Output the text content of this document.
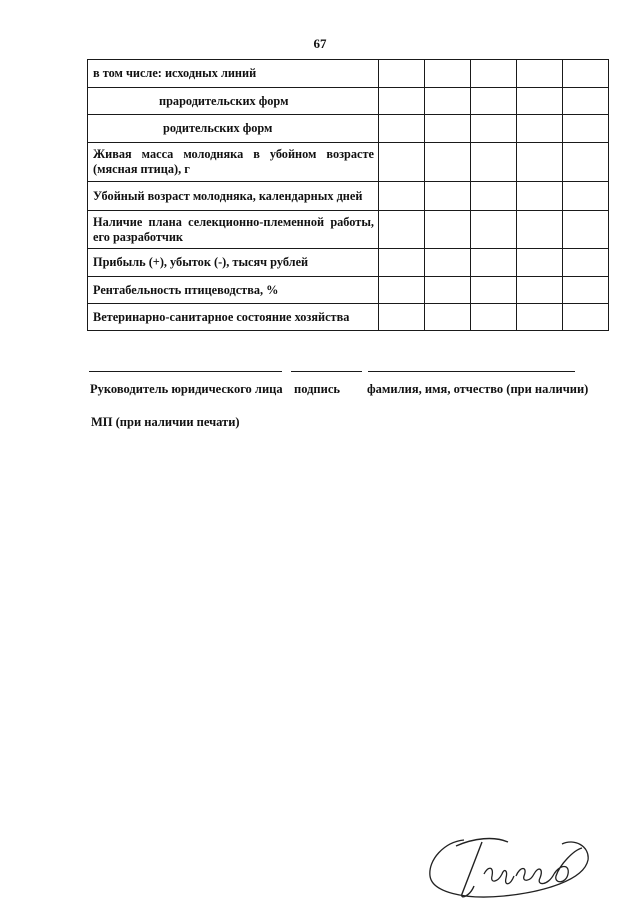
67
в том числе: исходных линий					
прародительских форм					
родительских форм					
Живая масса молодняка в убойном возрасте (мясная птица), г					
Убойный возраст молодняка, календарных дней					
Наличие плана селекционно-племенной работы, его разработчик					
Прибыль (+), убыток (-), тысяч рублей					
Рентабельность птицеводства, %					
Ветеринарно-санитарное состояние хозяйства					
Руководитель юридического лица подпись фамилия, имя, отчество (при наличии)
МП (при наличии печати)
